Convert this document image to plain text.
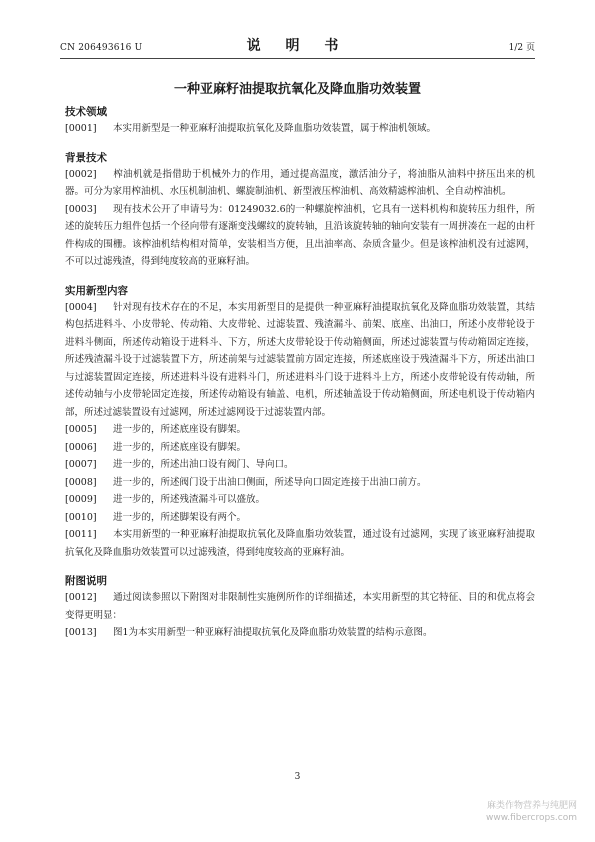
CN 206493616 U	说 明 书	1/2 页
一种亚麻籽油提取抗氧化及降血脂功效装置

技术领域

[0001] 本实用新型是一种亚麻籽油提取抗氧化及降血脂功效装置，属于榨油机领域。

背景技术

[0002] 榨油机就是指借助于机械外力的作用，通过提高温度，激活油分子，将油脂从油料中挤压出来的机器。可分为家用榨油机、水压机制油机、螺旋制油机、新型液压榨油机、高效精滤榨油机、全自动榨油机。

[0003] 现有技术公开了申请号为：01249032.6的一种螺旋榨油机，它具有一送料机构和旋转压力组件，所述的旋转压力组件包括一个径向带有逐渐变浅螺纹的旋转轴，且沿该旋转轴的轴向安装有一周拼凑在一起的由杆件构成的围栅。该榨油机结构相对简单，安装相当方便，且出油率高、杂质含量少。但是该榨油机没有过滤网，不可以过滤残渣，得到纯度较高的亚麻籽油。

实用新型内容

[0004] 针对现有技术存在的不足，本实用新型目的是提供一种亚麻籽油提取抗氧化及降血脂功效装置，其结构包括进料斗、小皮带轮、传动箱、大皮带轮、过滤装置、残渣漏斗、前架、底座、出油口，所述小皮带轮设于进料斗侧面，所述传动箱设于进料斗、下方，所述大皮带轮设于传动箱侧面，所述过滤装置与传动箱固定连接，所述残渣漏斗设于过滤装置下方，所述前架与过滤装置前方固定连接，所述底座设于残渣漏斗下方，所述出油口与过滤装置固定连接，所述进料斗设有进料斗门，所述进料斗门设于进料斗上方，所述小皮带轮设有传动轴，所述传动轴与小皮带轮固定连接，所述传动箱设有轴盖、电机，所述轴盖设于传动箱侧面，所述电机设于传动箱内部，所述过滤装置设有过滤网，所述过滤网设于过滤装置内部。

[0005] 进一步的，所述底座设有脚架。

[0006] 进一步的，所述底座设有脚架。

[0007] 进一步的，所述出油口设有阀门、导向口。

[0008] 进一步的，所述阀门设于出油口侧面，所述导向口固定连接于出油口前方。

[0009] 进一步的，所述残渣漏斗可以盛放。

[0010] 进一步的，所述脚架设有两个。

[0011] 本实用新型的一种亚麻籽油提取抗氧化及降血脂功效装置，通过设有过滤网，实现了该亚麻籽油提取抗氧化及降血脂功效装置可以过滤残渣，得到纯度较高的亚麻籽油。

附图说明

[0012] 通过阅读参照以下附图对非限制性实施例所作的详细描述，本实用新型的其它特征、目的和优点将会变得更明显：

[0013] 图1为本实用新型一种亚麻籽油提取抗氧化及降血脂功效装置的结构示意图。

3
麻类作物营养与纯肥网
www.fibercrops.com
